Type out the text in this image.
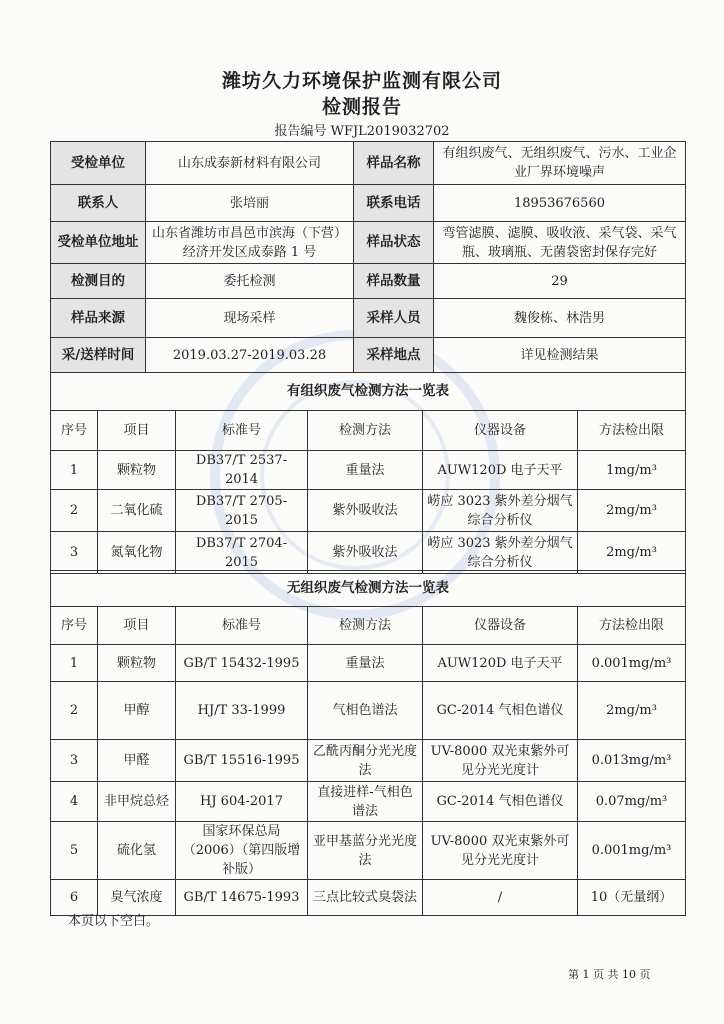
潍坊久力环境保护监测有限公司
检测报告
报告编号 WFJL2019032702
受检单位	山东成泰新材料有限公司	样品名称	有组织废气、无组织废气、污水、工业企业厂界环境噪声
联系人	张培丽	联系电话	18953676560
受检单位地址	山东省潍坊市昌邑市滨海（下营）经济开发区成泰路 1 号	样品状态	弯管滤膜、滤膜、吸收液、采气袋、采气瓶、玻璃瓶、无菌袋密封保存完好
检测目的	委托检测	样品数量	29
样品来源	现场采样	采样人员	魏俊栋、林浩男
采/送样时间	2019.03.27-2019.03.28	采样地点	详见检测结果
有组织废气检测方法一览表					
序号	项目	标准号	检测方法	仪器设备	方法检出限
1	颗粒物	DB37/T 2537-2014	重量法	AUW120D 电子天平	1mg/m³
2	二氧化硫	DB37/T 2705-2015	紫外吸收法	崂应 3023 紫外差分烟气综合分析仪	2mg/m³
3	氮氧化物	DB37/T 2704-2015	紫外吸收法	崂应 3023 紫外差分烟气综合分析仪	2mg/m³
无组织废气检测方法一览表					
序号	项目	标准号	检测方法	仪器设备	方法检出限
1	颗粒物	GB/T 15432-1995	重量法	AUW120D 电子天平	0.001mg/m³
2	甲醇	HJ/T 33-1999	气相色谱法	GC-2014 气相色谱仪	2mg/m³
3	甲醛	GB/T 15516-1995	乙酰丙酮分光光度法	UV-8000 双光束紫外可见分光光度计	0.013mg/m³
4	非甲烷总烃	HJ 604-2017	直接进样-气相色谱法	GC-2014 气相色谱仪	0.07mg/m³
5	硫化氢	国家环保总局（2006）（第四版增补版）	亚甲基蓝分光光度法	UV-8000 双光束紫外可见分光光度计	0.001mg/m³
6	臭气浓度	GB/T 14675-1993	三点比较式臭袋法	/	10（无量纲）
本页以下空白。
第 1 页 共 10 页
